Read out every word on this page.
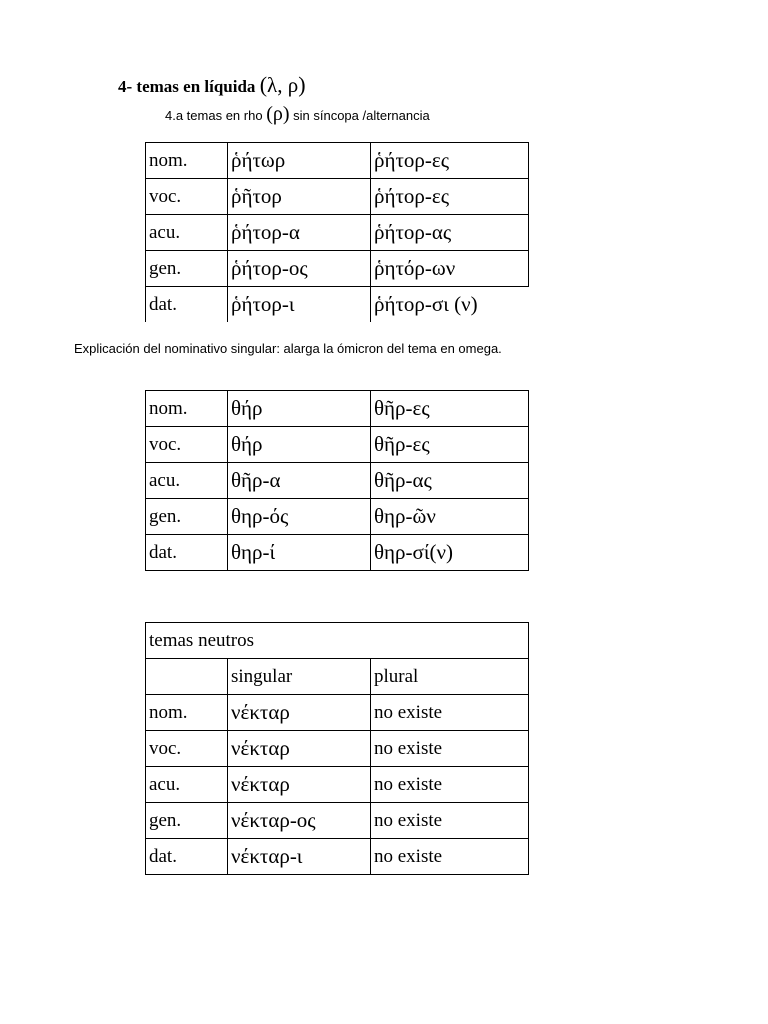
4- temas en líquida (λ, ρ)
4.a temas en rho (ρ) sin síncopa /alternancia
nom.	ῥήτωρ	ῥήτορ-ες
voc.	ῥῆτορ	ῥήτορ-ες
acu.	ῥήτορ-α	ῥήτορ-ας
gen.	ῥήτορ-ος	ῥητόρ-ων
dat.	ῥήτορ-ι	ῥήτορ-σι (ν)
Explicación del nominativo singular: alarga la ómicron del tema en omega.
nom.	θήρ	θῆρ-ες
voc.	θήρ	θῆρ-ες
acu.	θῆρ-α	θῆρ-ας
gen.	θηρ-ός	θηρ-ῶν
dat.	θηρ-ί	θηρ-σί(ν)
temas neutros		
	singular	plural
nom.	νέκταρ	no existe
voc.	νέκταρ	no existe
acu.	νέκταρ	no existe
gen.	νέκταρ-ος	no existe
dat.	νέκταρ-ι	no existe
